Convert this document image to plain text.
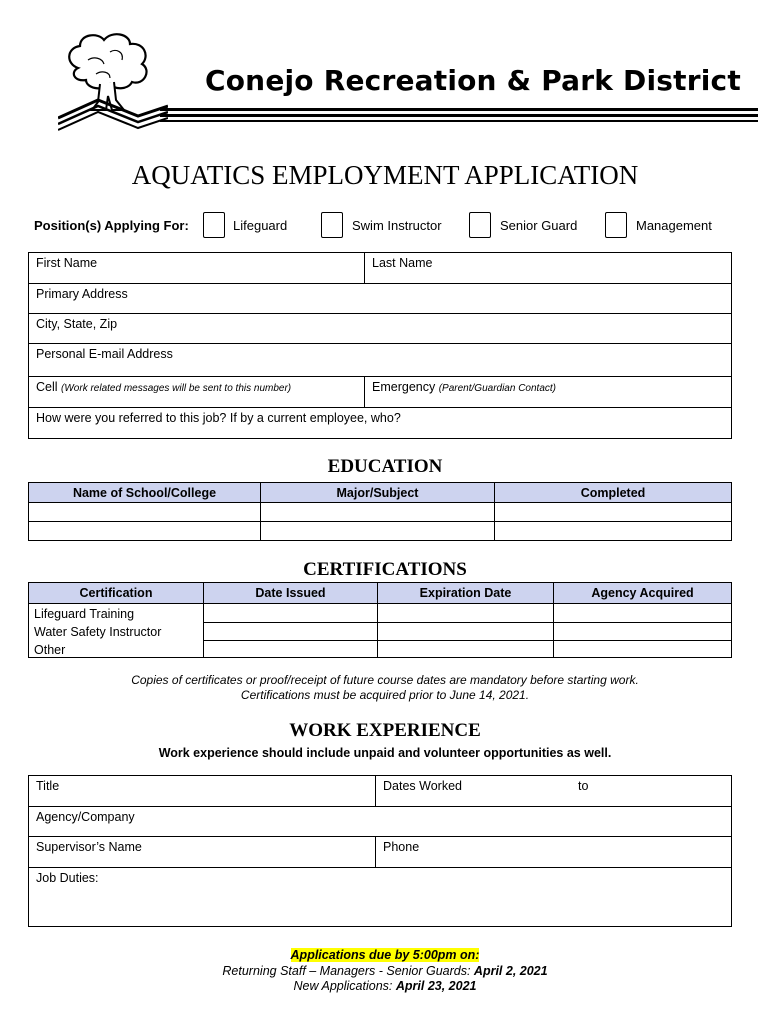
Conejo Recreation & Park District
AQUATICS EMPLOYMENT APPLICATION
Position(s) Applying For:	Lifeguard	Swim Instructor	Senior Guard	Management
First Name	Last Name
Primary Address
City, State, Zip
Personal E-mail Address
Cell (Work related messages will be sent to this number)	Emergency (Parent/Guardian Contact)
How were you referred to this job? If by a current employee, who?
EDUCATION
Name of School/College	Major/Subject	Completed
CERTIFICATIONS
Certification	Date Issued	Expiration Date	Agency Acquired
Lifeguard Training
Water Safety Instructor
Other
Copies of certificates or proof/receipt of future course dates are mandatory before starting work.
Certifications must be acquired prior to June 14, 2021.
WORK EXPERIENCE
Work experience should include unpaid and volunteer opportunities as well.
Title	Dates Worked	to
Agency/Company
Supervisor’s Name	Phone
Job Duties:
Applications due by 5:00pm on:
Returning Staff – Managers - Senior Guards: April 2, 2021
New Applications: April 23, 2021
